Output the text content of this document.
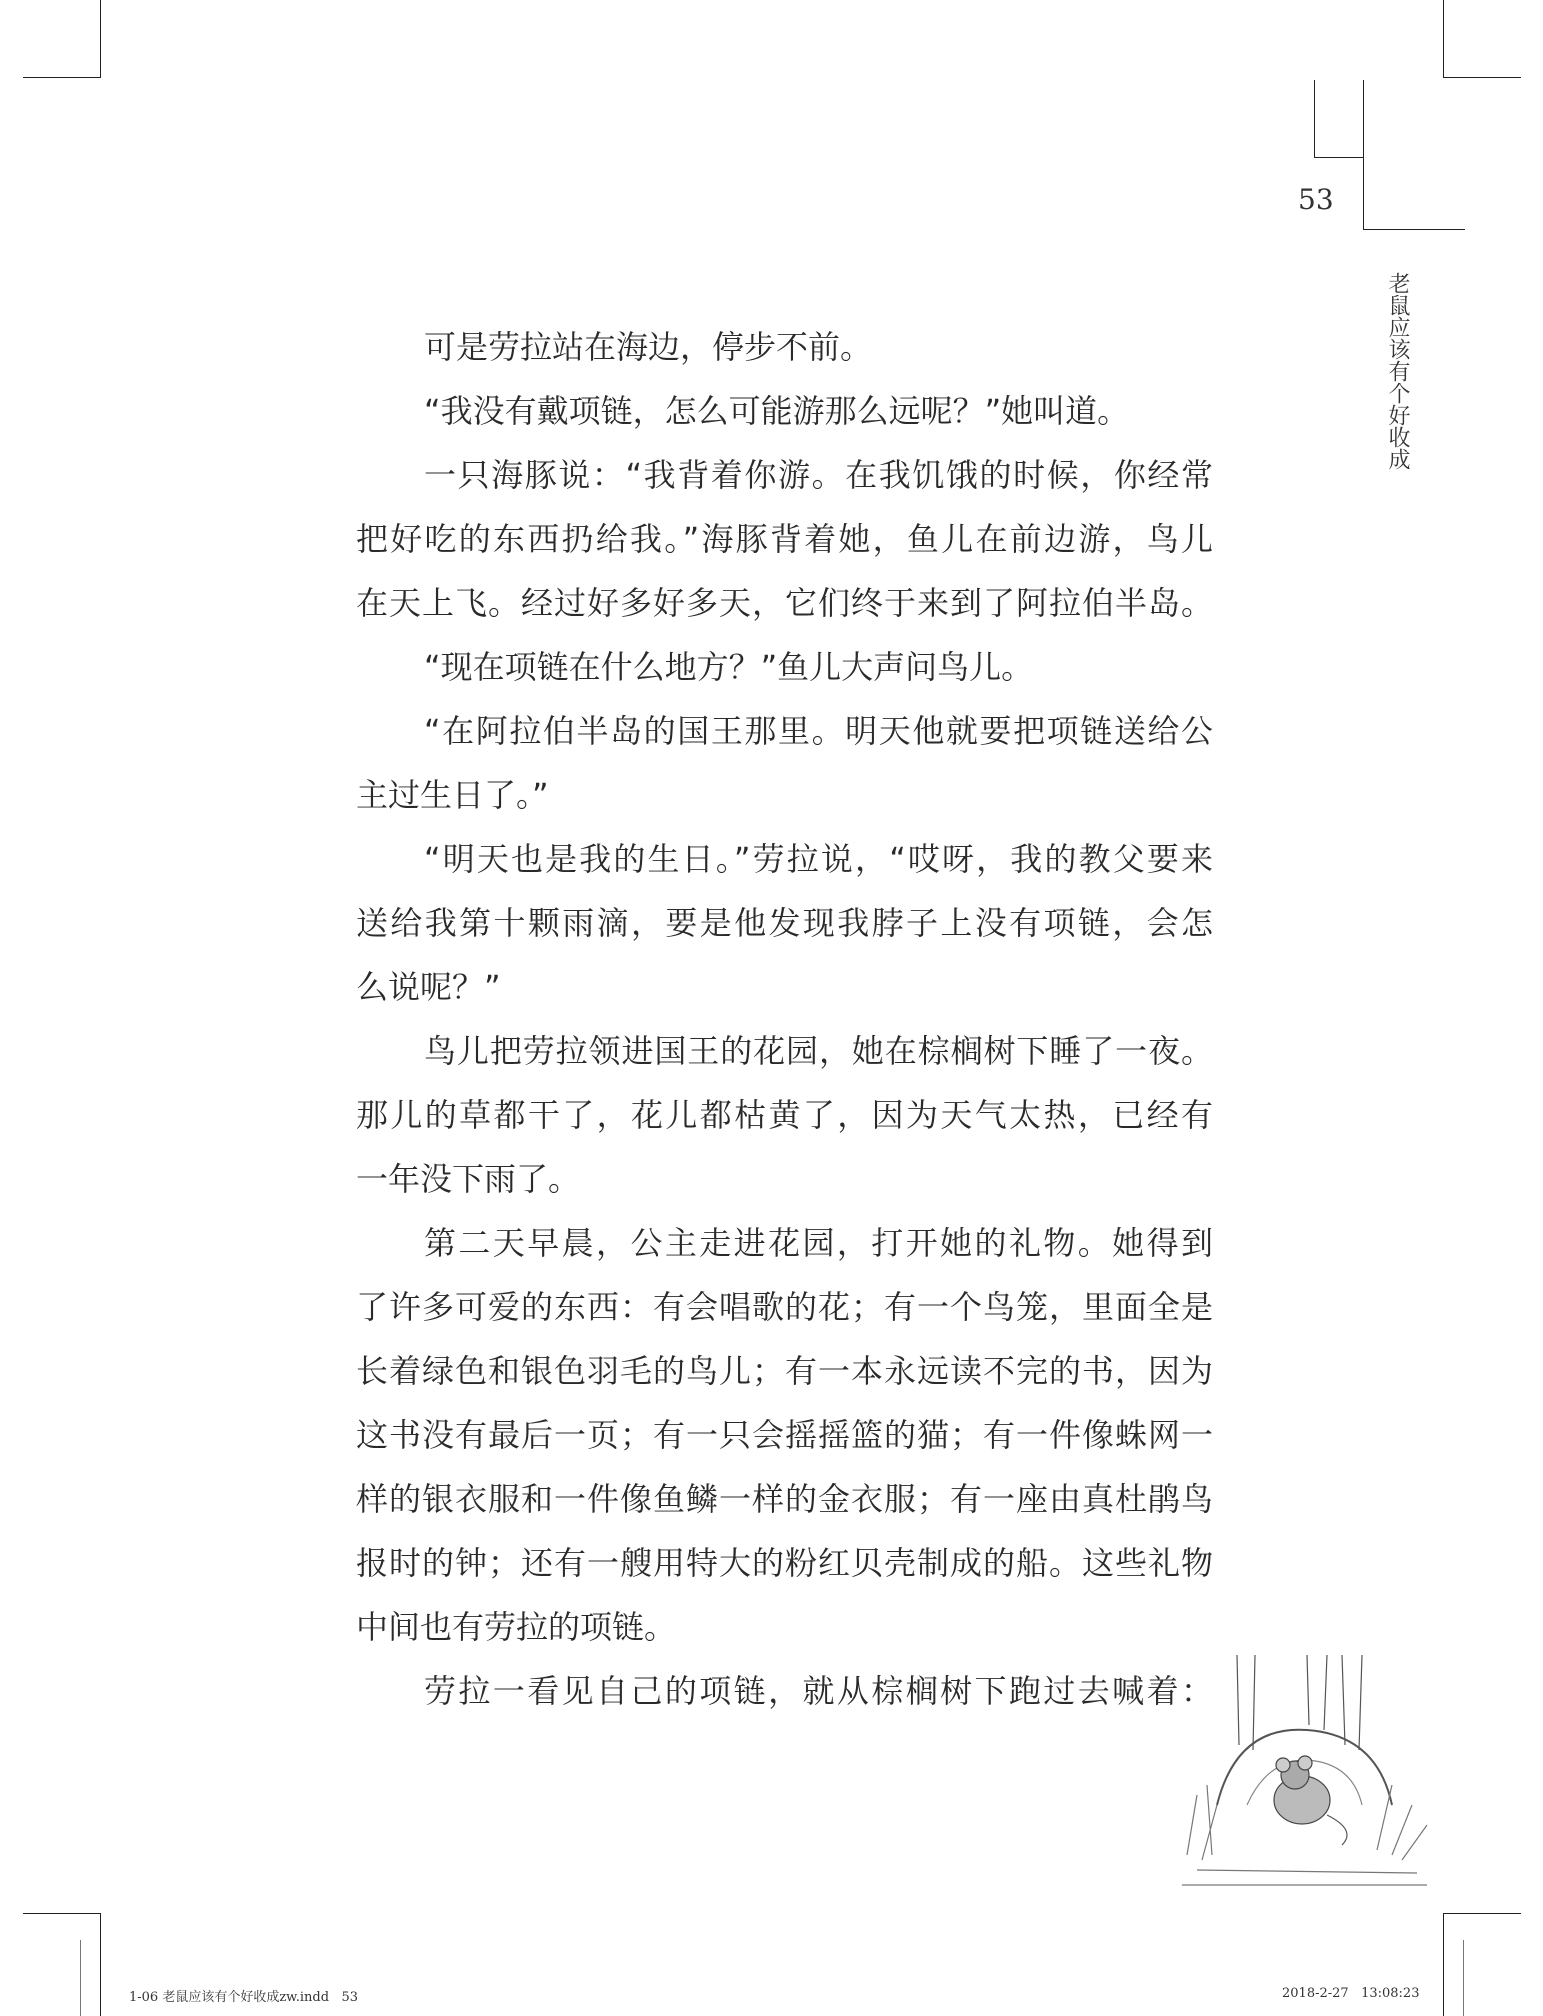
53
老鼠应该有个好收成
可是劳拉站在海边，停步不前。
“我没有戴项链，怎么可能游那么远呢？”她叫道。
一只海豚说：“我背着你游。在我饥饿的时候，你经常
把好吃的东西扔给我。”海豚背着她，鱼儿在前边游，鸟儿
在天上飞。经过好多好多天，它们终于来到了阿拉伯半岛。
“现在项链在什么地方？”鱼儿大声问鸟儿。
“在阿拉伯半岛的国王那里。明天他就要把项链送给公
主过生日了。”
“明天也是我的生日。”劳拉说，“哎呀，我的教父要来
送给我第十颗雨滴，要是他发现我脖子上没有项链，会怎
么说呢？”
鸟儿把劳拉领进国王的花园，她在棕榈树下睡了一夜。
那儿的草都干了，花儿都枯黄了，因为天气太热，已经有
一年没下雨了。
第二天早晨，公主走进花园，打开她的礼物。她得到
了许多可爱的东西：有会唱歌的花；有一个鸟笼，里面全是
长着绿色和银色羽毛的鸟儿；有一本永远读不完的书，因为
这书没有最后一页；有一只会摇摇篮的猫；有一件像蛛网一
样的银衣服和一件像鱼鳞一样的金衣服；有一座由真杜鹃鸟
报时的钟；还有一艘用特大的粉红贝壳制成的船。这些礼物
中间也有劳拉的项链。
劳拉一看见自己的项链，就从棕榈树下跑过去喊着：
1-06 老鼠应该有个好收成zw.indd   53	2018-2-27   13:08:23
